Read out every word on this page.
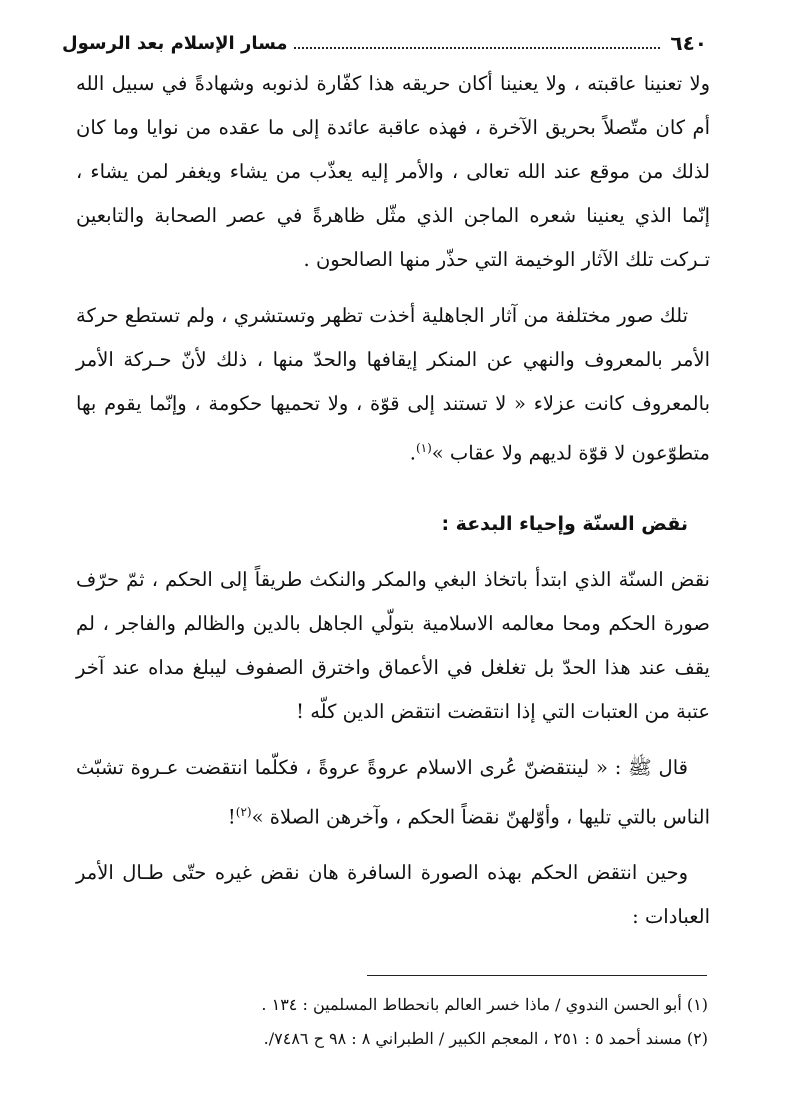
٦٤٠
مسار الإسلام بعد الرسول

ولا تعنينا عاقبته ، ولا يعنينا أكان حريقه هذا كفّارة لذنوبه وشهادةً في سبيل الله أم كان متّصلاً بحريق الآخرة ، فهذه عاقبة عائدة إلى ما عقده من نوايا وما كان لذلك من موقع عند الله تعالى ، والأمر إليه يعذّب من يشاء ويغفر لمن يشاء ، إنّما الذي يعنينا شعره الماجن الذي مثّل ظاهرةً في عصر الصحابة والتابعين تـركت تلك الآثار الوخيمة التي حذّر منها الصالحون .

تلك صور مختلفة من آثار الجاهلية أخذت تظهر وتستشري ، ولم تستطع حركة الأمر بالمعروف والنهي عن المنكر إيقافها والحدّ منها ، ذلك لأنّ حـركة الأمر بالمعروف كانت عزلاء « لا تستند إلى قوّة ، ولا تحميها حكومة ، وإنّما يقوم بها متطوّعون لا قوّة لديهم ولا عقاب »$^{(١)}$.

نقض السنّة وإحياء البدعة :

نقض السنّة الذي ابتدأ باتخاذ البغي والمكر والنكث طريقاً إلى الحكم ، ثمّ حرّف صورة الحكم ومحا معالمه الاسلامية بتولّي الجاهل بالدين والظالم والفاجر ، لم يقف عند هذا الحدّ بل تغلغل في الأعماق واخترق الصفوف ليبلغ مداه عند آخر عتبة من العتبات التي إذا انتقضت انتقض الدين كلّه !

قال ﷺ : « لينتقضنّ عُرى الاسلام عروةً عروةً ، فكلّما انتقضت عـروة تشبّث الناس بالتي تليها ، وأوّلهنّ نقضاً الحكم ، وآخرهن الصلاة »$^{(٢)}$!

وحين انتقض الحكم بهذه الصورة السافرة هان نقض غيره حتّى طـال الأمر العبادات :

(١) أبو الحسن الندوي / ماذا خسر العالم بانحطاط المسلمين : ١٣٤ .

(٢) مسند أحمد ٥ : ٢٥١ ، المعجم الكبير / الطبراني ٨ : ٩٨ ح ٧٤٨٦/.
